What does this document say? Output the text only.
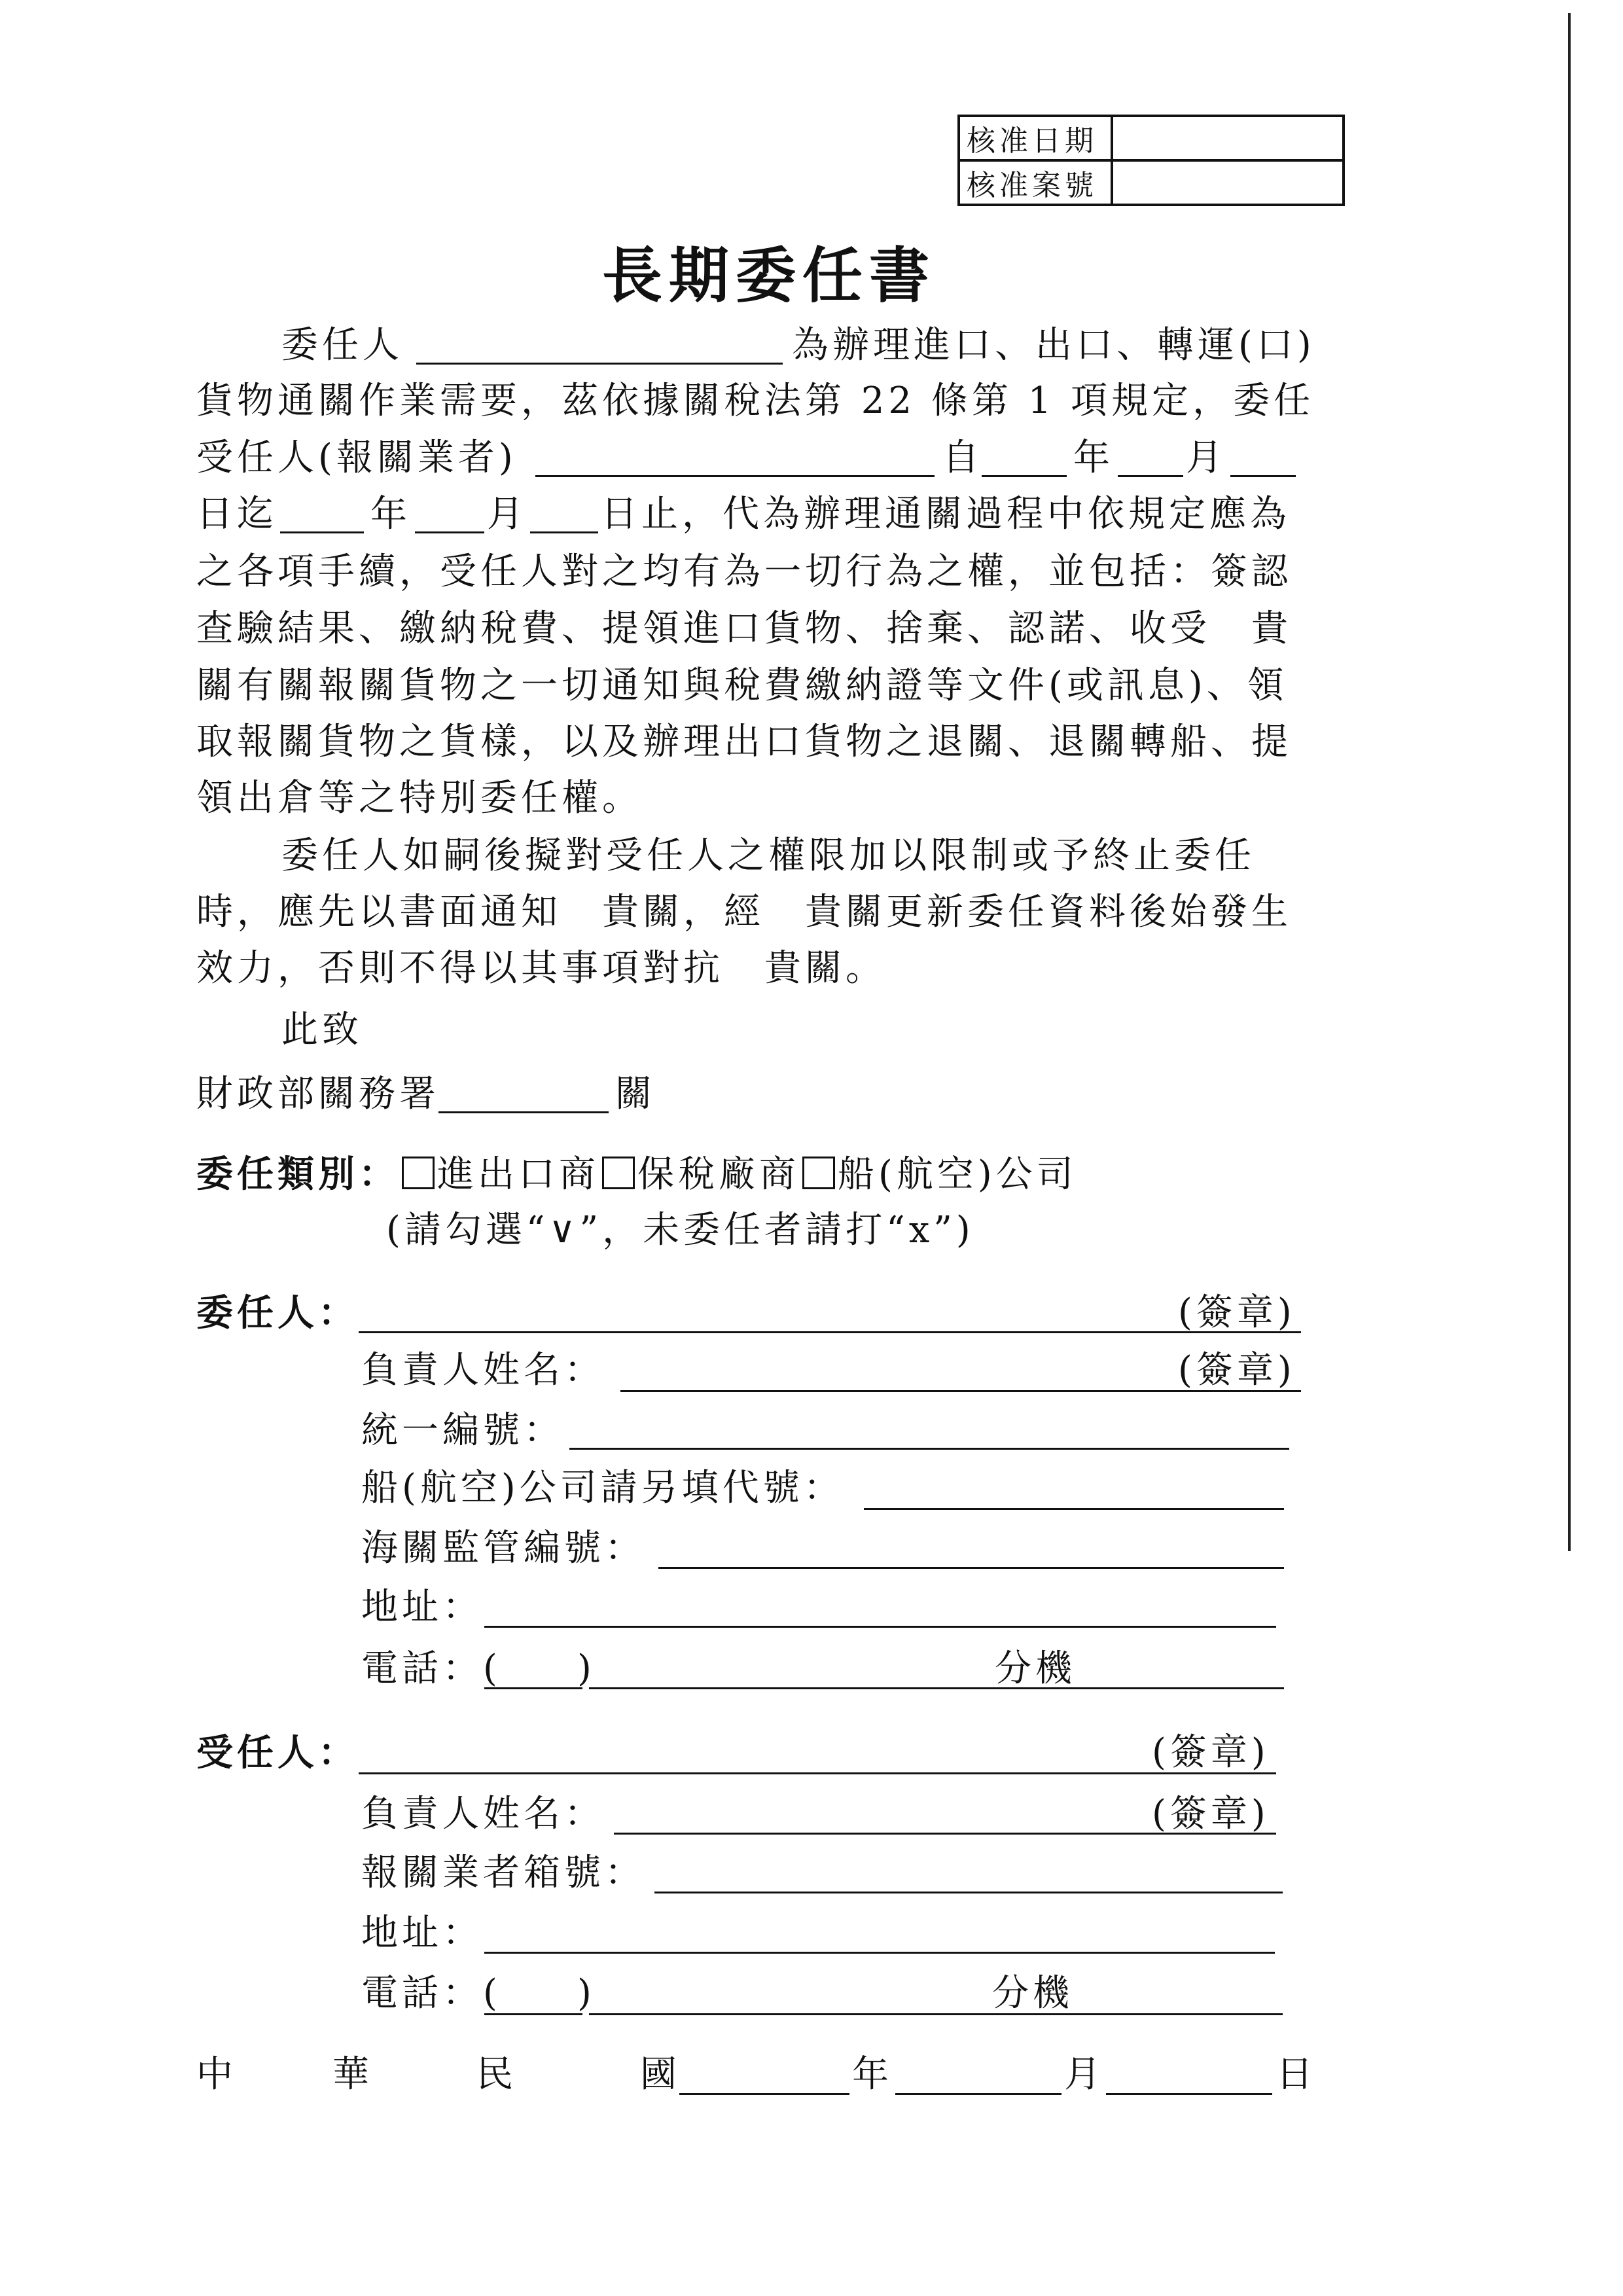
核准日期	
核准案號	
長期委任書
委任人	為辦理進口、出口、轉運(口)
貨物通關作業需要，茲依據關稅法第 22 條第 1 項規定，委任
受任人(報關業者)	自 年 月
日迄	年 月 日止，代為辦理通關過程中依規定應為
之各項手續，受任人對之均有為一切行為之權，並包括：簽認
查驗結果、繳納稅費、提領進口貨物、捨棄、認諾、收受　貴
關有關報關貨物之一切通知與稅費繳納證等文件(或訊息)、領
取報關貨物之貨樣，以及辦理出口貨物之退關、退關轉船、提
領出倉等之特別委任權。
委任人如嗣後擬對受任人之權限加以限制或予終止委任
時，應先以書面通知　貴關，經　貴關更新委任資料後始發生
效力，否則不得以其事項對抗　貴關。
此致
財政部關務署	關
委任類別： 進出口商 保稅廠商 船(航空)公司
(請勾選“∨”，未委任者請打“x”)
委任人：	(簽章)
負責人姓名：	(簽章)
統一編號：
船(航空)公司請另填代號：
海關監管編號：
地址：
電話：( )	分機
受任人：	(簽章)
負責人姓名：	(簽章)
報關業者箱號：
地址：
電話：( )	分機
中	華	民	國	年	月	日
